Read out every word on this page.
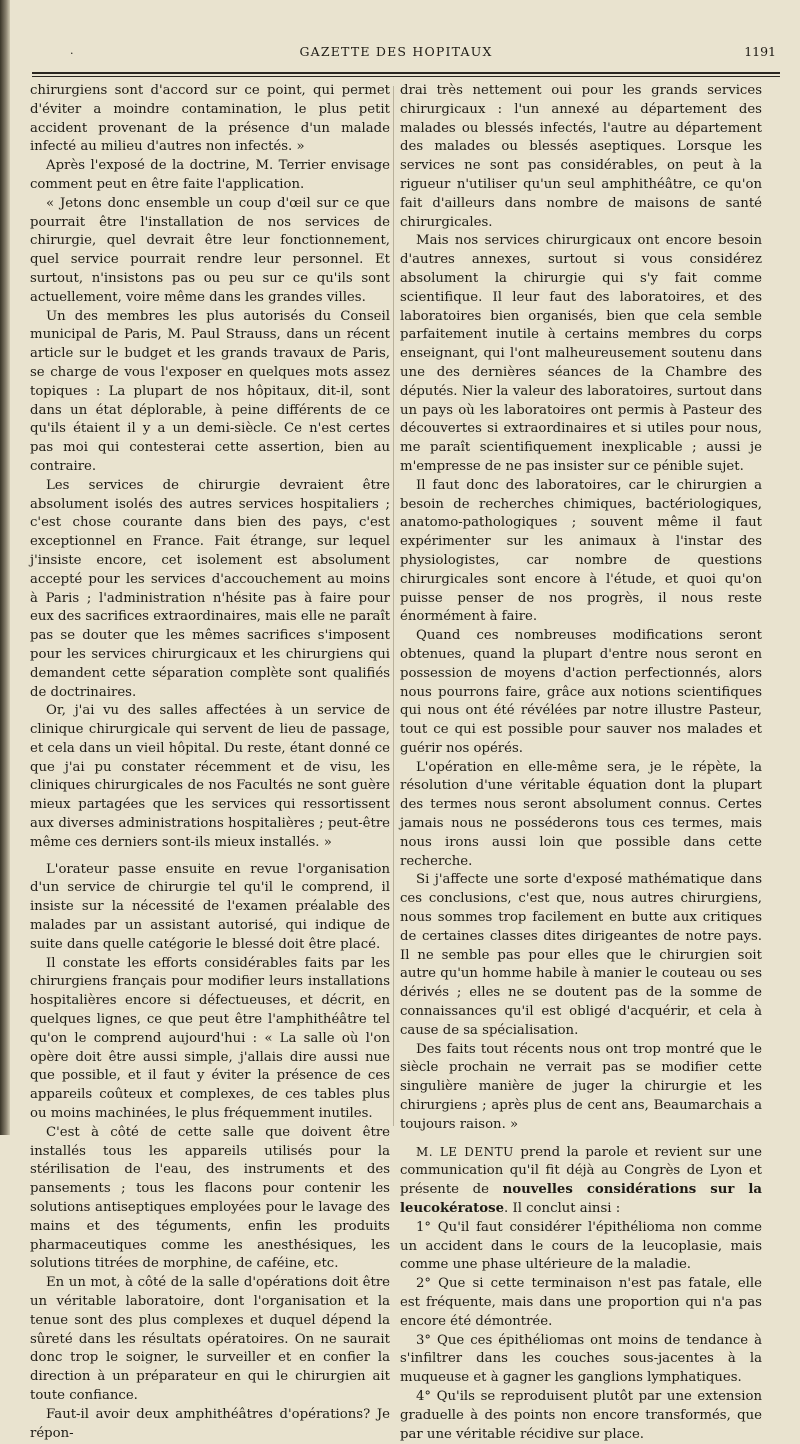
.	GAZETTE DES HOPITAUX	1191

chirurgiens sont d'accord sur ce point, qui permet d'éviter a moindre contamination, le plus petit accident provenant de la présence d'un malade infecté au milieu d'autres non infectés. »

Après l'exposé de la doctrine, M. Terrier envisage comment peut en être faite l'application.

« Jetons donc ensemble un coup d'œil sur ce que pourrait être l'installation de nos services de chirurgie, quel devrait être leur fonctionnement, quel service pourrait rendre leur personnel. Et surtout, n'insistons pas ou peu sur ce qu'ils sont actuellement, voire même dans les grandes villes.

Un des membres les plus autorisés du Conseil municipal de Paris, M. Paul Strauss, dans un récent article sur le budget et les grands travaux de Paris, se charge de vous l'exposer en quelques mots assez topiques : La plupart de nos hôpitaux, dit-il, sont dans un état déplorable, à peine différents de ce qu'ils étaient il y a un demi-siècle. Ce n'est certes pas moi qui contesterai cette assertion, bien au contraire.

Les services de chirurgie devraient être absolument isolés des autres services hospitaliers ; c'est chose courante dans bien des pays, c'est exceptionnel en France. Fait étrange, sur lequel j'insiste encore, cet isolement est absolument accepté pour les services d'accouchement au moins à Paris ; l'administration n'hésite pas à faire pour eux des sacrifices extraordinaires, mais elle ne paraît pas se douter que les mêmes sacrifices s'imposent pour les services chirurgicaux et les chirurgiens qui demandent cette séparation complète sont qualifiés de doctrinaires.

Or, j'ai vu des salles affectées à un service de clinique chirurgicale qui servent de lieu de passage, et cela dans un vieil hôpital. Du reste, étant donné ce que j'ai pu constater récemment et de visu, les cliniques chirurgicales de nos Facultés ne sont guère mieux partagées que les services qui ressortissent aux diverses administrations hospitalières ; peut-être même ces derniers sont-ils mieux installés. »

L'orateur passe ensuite en revue l'organisation d'un service de chirurgie tel qu'il le comprend, il insiste sur la nécessité de l'examen préalable des malades par un assistant autorisé, qui indique de suite dans quelle catégorie le blessé doit être placé.

Il constate les efforts considérables faits par les chirurgiens français pour modifier leurs installations hospitalières encore si défectueuses, et décrit, en quelques lignes, ce que peut être l'amphithéâtre tel qu'on le comprend aujourd'hui : « La salle où l'on opère doit être aussi simple, j'allais dire aussi nue que possible, et il faut y éviter la présence de ces appareils coûteux et complexes, de ces tables plus ou moins machinées, le plus fréquemment inutiles.

C'est à côté de cette salle que doivent être installés tous les appareils utilisés pour la stérilisation de l'eau, des instruments et des pansements ; tous les flacons pour contenir les solutions antiseptiques employées pour le lavage des mains et des téguments, enfin les produits pharmaceutiques comme les anesthésiques, les solutions titrées de morphine, de caféine, etc.

En un mot, à côté de la salle d'opérations doit être un véritable laboratoire, dont l'organisation et la tenue sont des plus complexes et duquel dépend la sûreté dans les résultats opératoires. On ne saurait donc trop le soigner, le surveiller et en confier la direction à un préparateur en qui le chirurgien ait toute confiance.

Faut-il avoir deux amphithéâtres d'opérations? Je répon-

drai très nettement oui pour les grands services chirurgicaux : l'un annexé au département des malades ou blessés infectés, l'autre au département des malades ou blessés aseptiques. Lorsque les services ne sont pas considérables, on peut à la rigueur n'utiliser qu'un seul amphithéâtre, ce qu'on fait d'ailleurs dans nombre de maisons de santé chirurgicales.

Mais nos services chirurgicaux ont encore besoin d'autres annexes, surtout si vous considérez absolument la chirurgie qui s'y fait comme scientifique. Il leur faut des laboratoires, et des laboratoires bien organisés, bien que cela semble parfaitement inutile à certains membres du corps enseignant, qui l'ont malheureusement soutenu dans une des dernières séances de la Chambre des députés. Nier la valeur des laboratoires, surtout dans un pays où les laboratoires ont permis à Pasteur des découvertes si extraordinaires et si utiles pour nous, me paraît scientifiquement inexplicable ; aussi je m'empresse de ne pas insister sur ce pénible sujet.

Il faut donc des laboratoires, car le chirurgien a besoin de recherches chimiques, bactériologiques, anatomo-pathologiques ; souvent même il faut expérimenter sur les animaux à l'instar des physiologistes, car nombre de questions chirurgicales sont encore à l'étude, et quoi qu'on puisse penser de nos progrès, il nous reste énormément à faire.

Quand ces nombreuses modifications seront obtenues, quand la plupart d'entre nous seront en possession de moyens d'action perfectionnés, alors nous pourrons faire, grâce aux notions scientifiques qui nous ont été révélées par notre illustre Pasteur, tout ce qui est possible pour sauver nos malades et guérir nos opérés.

L'opération en elle-même sera, je le répète, la résolution d'une véritable équation dont la plupart des termes nous seront absolument connus. Certes jamais nous ne posséderons tous ces termes, mais nous irons aussi loin que possible dans cette recherche.

Si j'affecte une sorte d'exposé mathématique dans ces conclusions, c'est que, nous autres chirurgiens, nous sommes trop facilement en butte aux critiques de certaines classes dites dirigeantes de notre pays. Il ne semble pas pour elles que le chirurgien soit autre qu'un homme habile à manier le couteau ou ses dérivés ; elles ne se doutent pas de la somme de connaissances qu'il est obligé d'acquérir, et cela à cause de sa spécialisation.

Des faits tout récents nous ont trop montré que le siècle prochain ne verrait pas se modifier cette singulière manière de juger la chirurgie et les chirurgiens ; après plus de cent ans, Beaumarchais a toujours raison. »

M. LE DENTU prend la parole et revient sur une communication qu'il fit déjà au Congrès de Lyon et présente de nouvelles considérations sur la leucokératose. Il conclut ainsi :

1° Qu'il faut considérer l'épithélioma non comme un accident dans le cours de la leucoplasie, mais comme une phase ultérieure de la maladie.

2° Que si cette terminaison n'est pas fatale, elle est fréquente, mais dans une proportion qui n'a pas encore été démontrée.

3° Que ces épithéliomas ont moins de tendance à s'infiltrer dans les couches sous-jacentes à la muqueuse et à gagner les ganglions lymphatiques.

4° Qu'ils se reproduisent plutôt par une extension graduelle à des points non encore transformés, que par une véritable récidive sur place.
